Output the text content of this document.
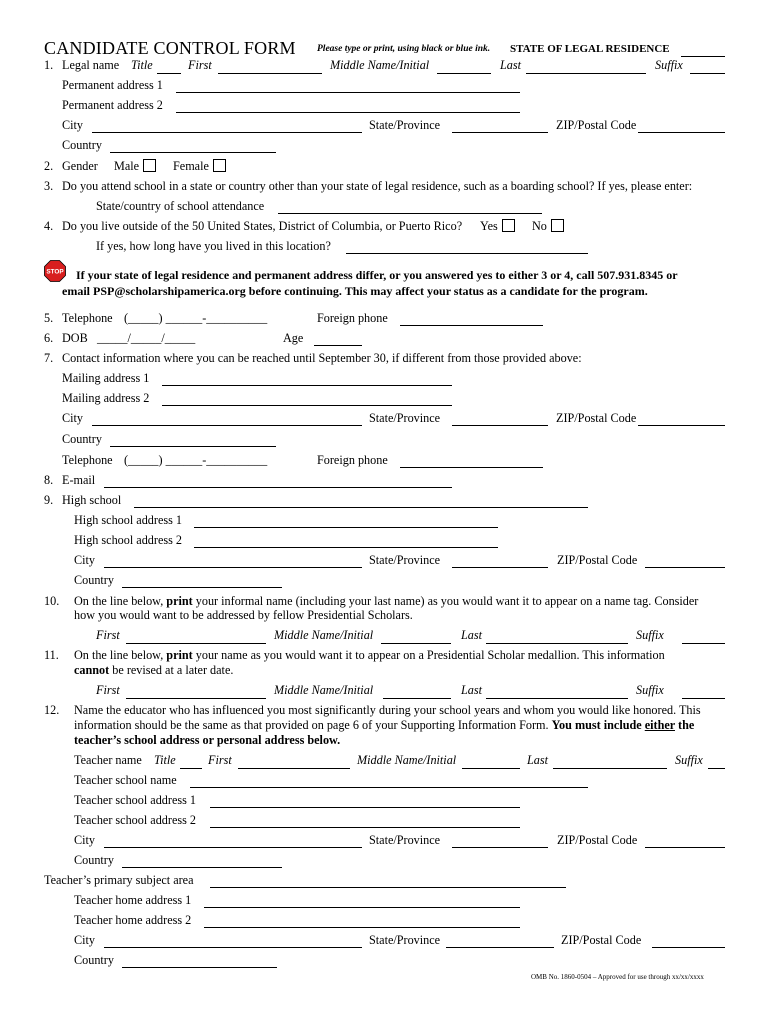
CANDIDATE CONTROL FORM Please type or print, using black or blue ink. STATE OF LEGAL RESIDENCE
1. Legal name Title	First	Middle Name/Initial	Last	Suffix
Permanent address 1
Permanent address 2
City	State/Province	ZIP/Postal Code
Country
2. Gender Male	Female
3. Do you attend school in a state or country other than your state of legal residence, such as a boarding school? If yes, please enter:
State/country of school attendance
4. Do you live outside of the 50 United States, District of Columbia, or Puerto Rico? Yes	No
If yes, how long have you lived in this location?
STOP If your state of legal residence and permanent address differ, or you answered yes to either 3 or 4, call 507.931.8345 or
email PSP@scholarshipamerica.org before continuing. This may affect your status as a candidate for the program.
5. Telephone (_____) ______-__________	Foreign phone
6. DOB _____/_____/_____	Age
7. Contact information where you can be reached until September 30, if different from those provided above:
Mailing address 1
Mailing address 2
City	State/Province	ZIP/Postal Code
Country
Telephone (_____) ______-__________	Foreign phone
8. E-mail
9. High school
High school address 1
High school address 2
City	State/Province	ZIP/Postal Code
Country
10. On the line below, print your informal name (including your last name) as you would want it to appear on a name tag. Consider
how you would want to be addressed by fellow Presidential Scholars.
First	Middle Name/Initial	Last	Suffix
11. On the line below, print your name as you would want it to appear on a Presidential Scholar medallion. This information
cannot be revised at a later date.
First	Middle Name/Initial	Last	Suffix
12. Name the educator who has influenced you most significantly during your school years and whom you would like honored. This
information should be the same as that provided on page 6 of your Supporting Information Form. You must include either the
teacher’s school address or personal address below.
Teacher name Title	First	Middle Name/Initial	Last	Suffix
Teacher school name
Teacher school address 1
Teacher school address 2
City	State/Province	ZIP/Postal Code
Country
Teacher’s primary subject area
Teacher home address 1
Teacher home address 2
City	State/Province	ZIP/Postal Code
Country
OMB No. 1860-0504 – Approved for use through xx/xx/xxxx
